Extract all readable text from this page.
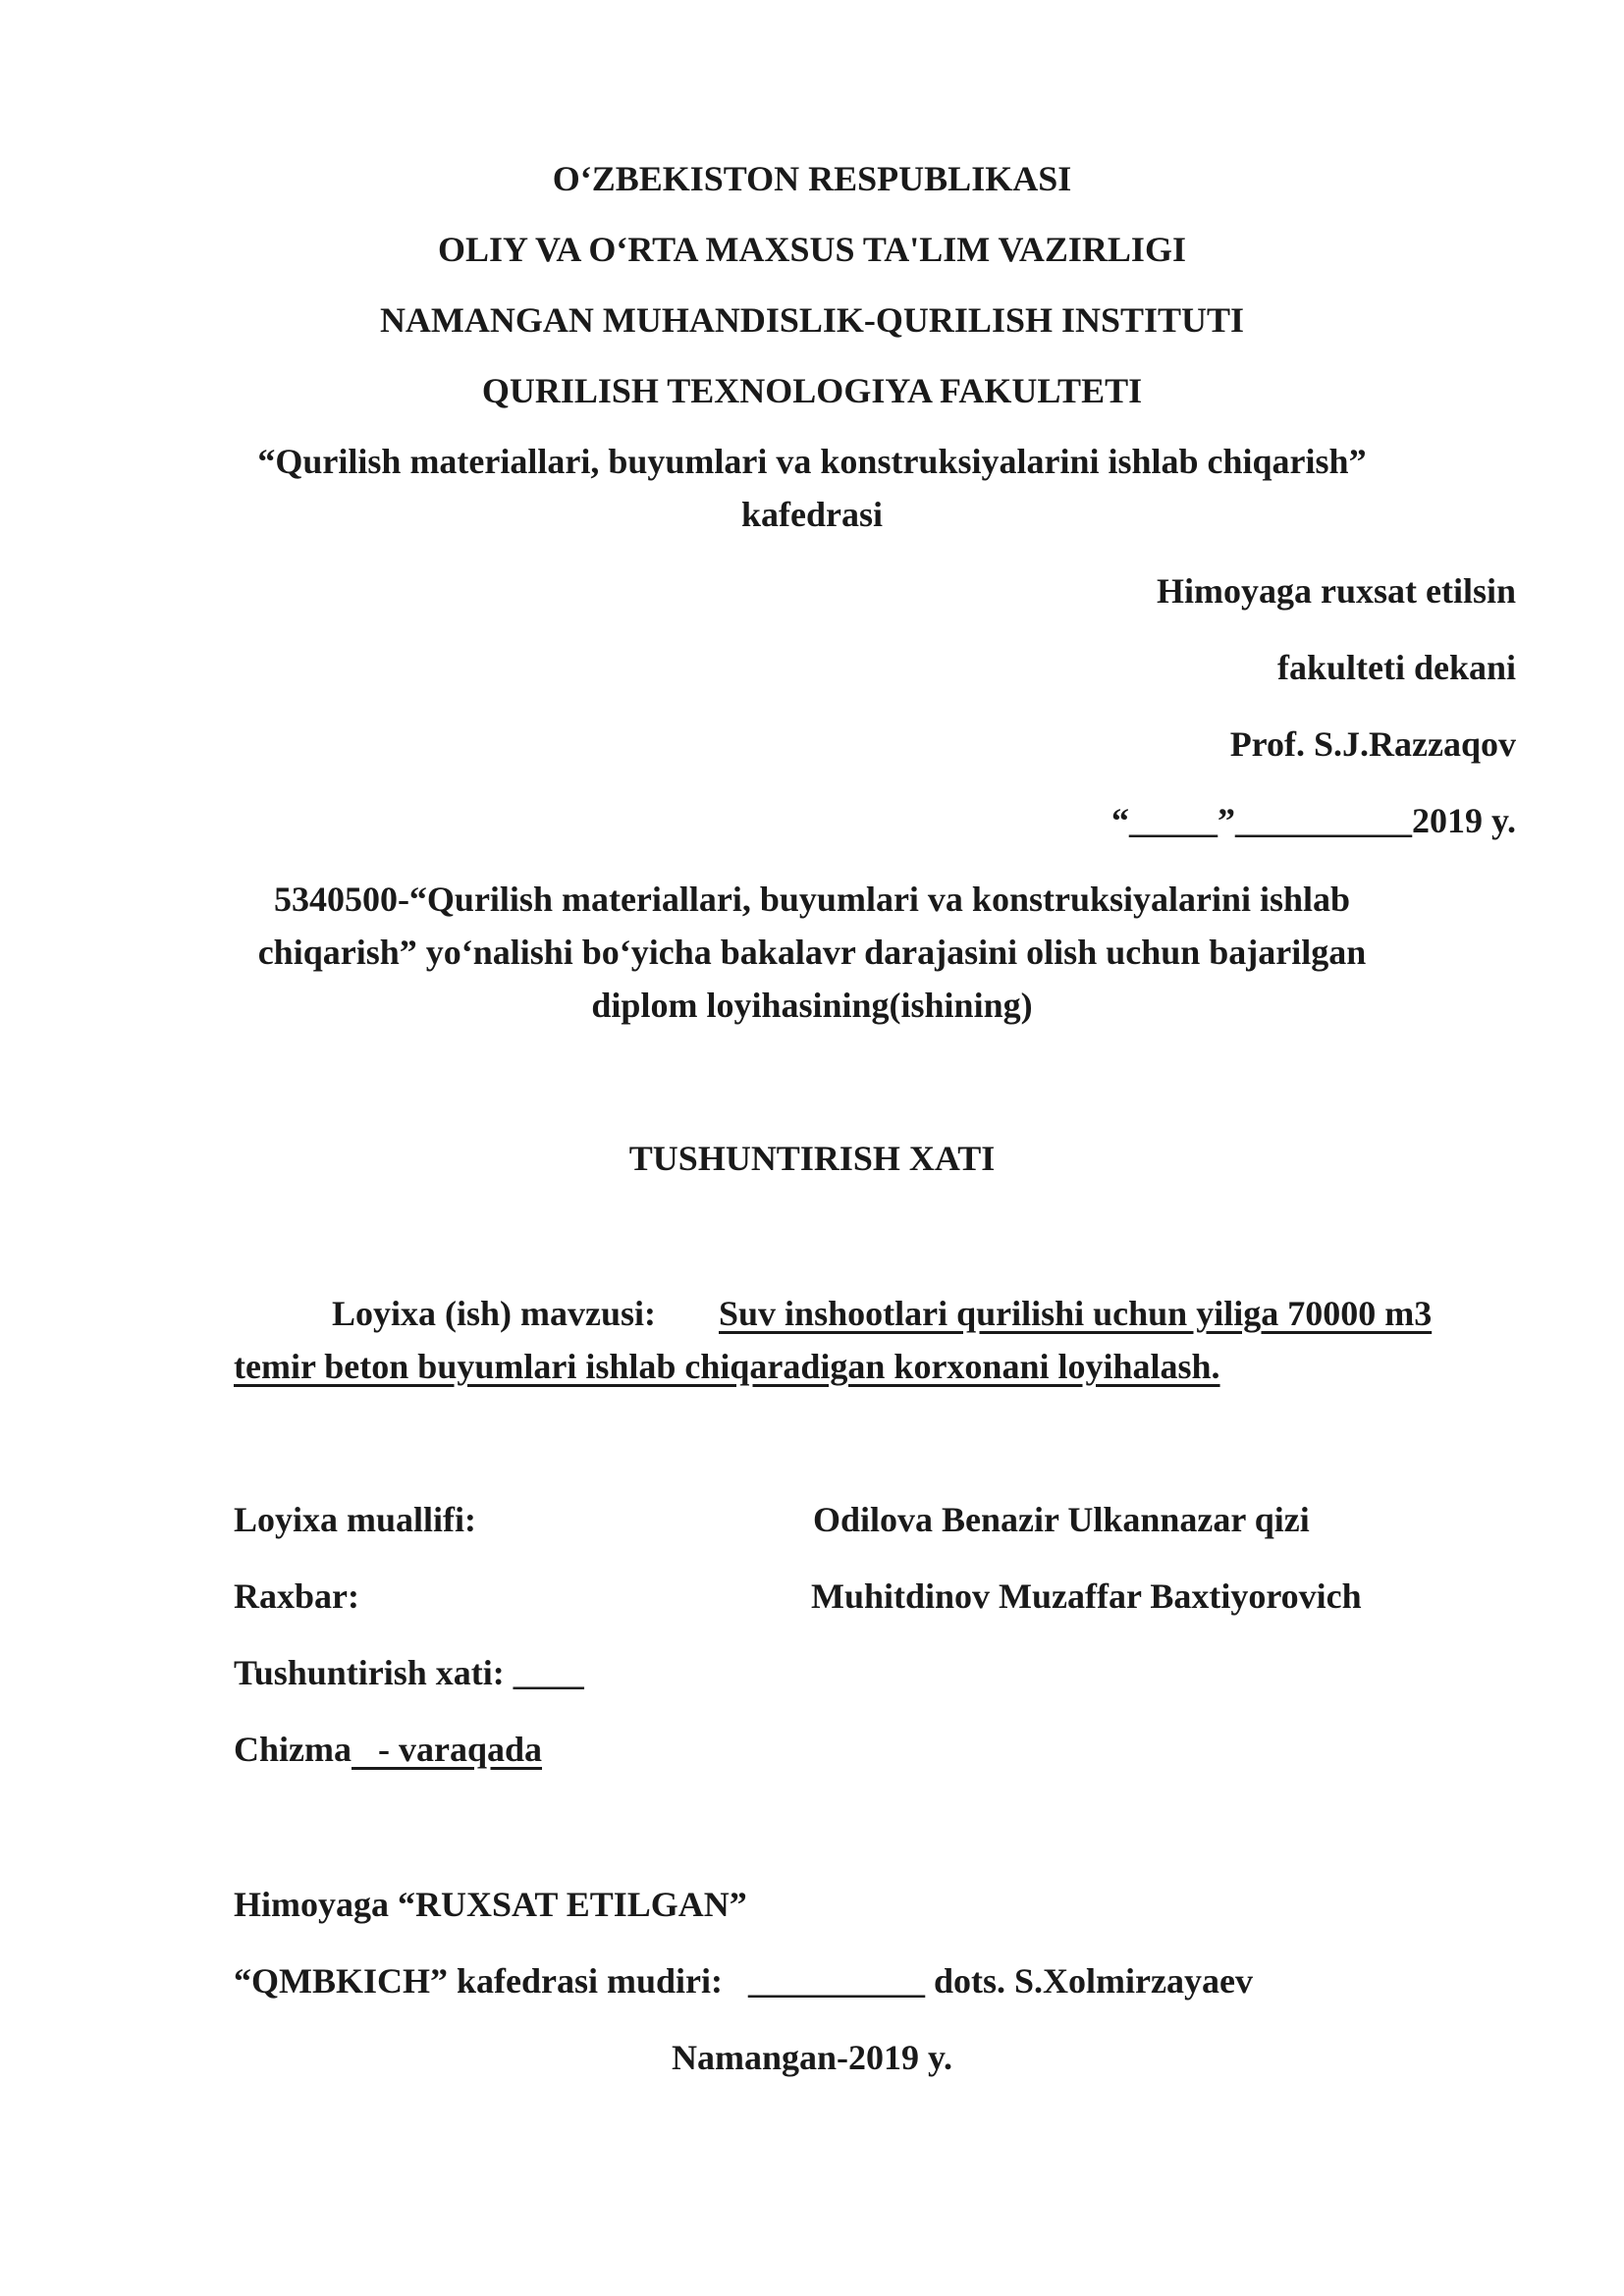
O‘ZBEKISTON RESPUBLIKASI
OLIY VA O‘RTA MAXSUS TA'LIM VAZIRLIGI
NAMANGAN MUHANDISLIK-QURILISH INSTITUTI
QURILISH TEXNOLOGIYA FAKULTETI
“Qurilish materiallari, buyumlari va konstruksiyalarini ishlab chiqarish”
kafedrasi
Himoyaga ruxsat etilsin
fakulteti dekani
Prof. S.J.Razzaqov
“_____”__________2019 y.
5340500-“Qurilish materiallari, buyumlari va konstruksiyalarini ishlab
chiqarish” yo‘nalishi bo‘yicha bakalavr darajasini olish uchun bajarilgan
diplom loyihasining(ishining)
TUSHUNTIRISH XATI
Loyixa (ish) mavzusi: Suv inshootlari qurilishi uchun yiliga 70000 m3
temir beton buyumlari ishlab chiqaradigan korxonani loyihalash.
Loyixa muallifi:	Odilova Benazir Ulkannazar qizi
Raxbar:	Muhitdinov Muzaffar Baxtiyorovich
Tushuntirish xati: ____
Chizma   - varaqada
Himoyaga “RUXSAT ETILGAN”
“QMBKICH” kafedrasi mudiri: __________ dots. S.Xolmirzayaev
Namangan-2019 y.
